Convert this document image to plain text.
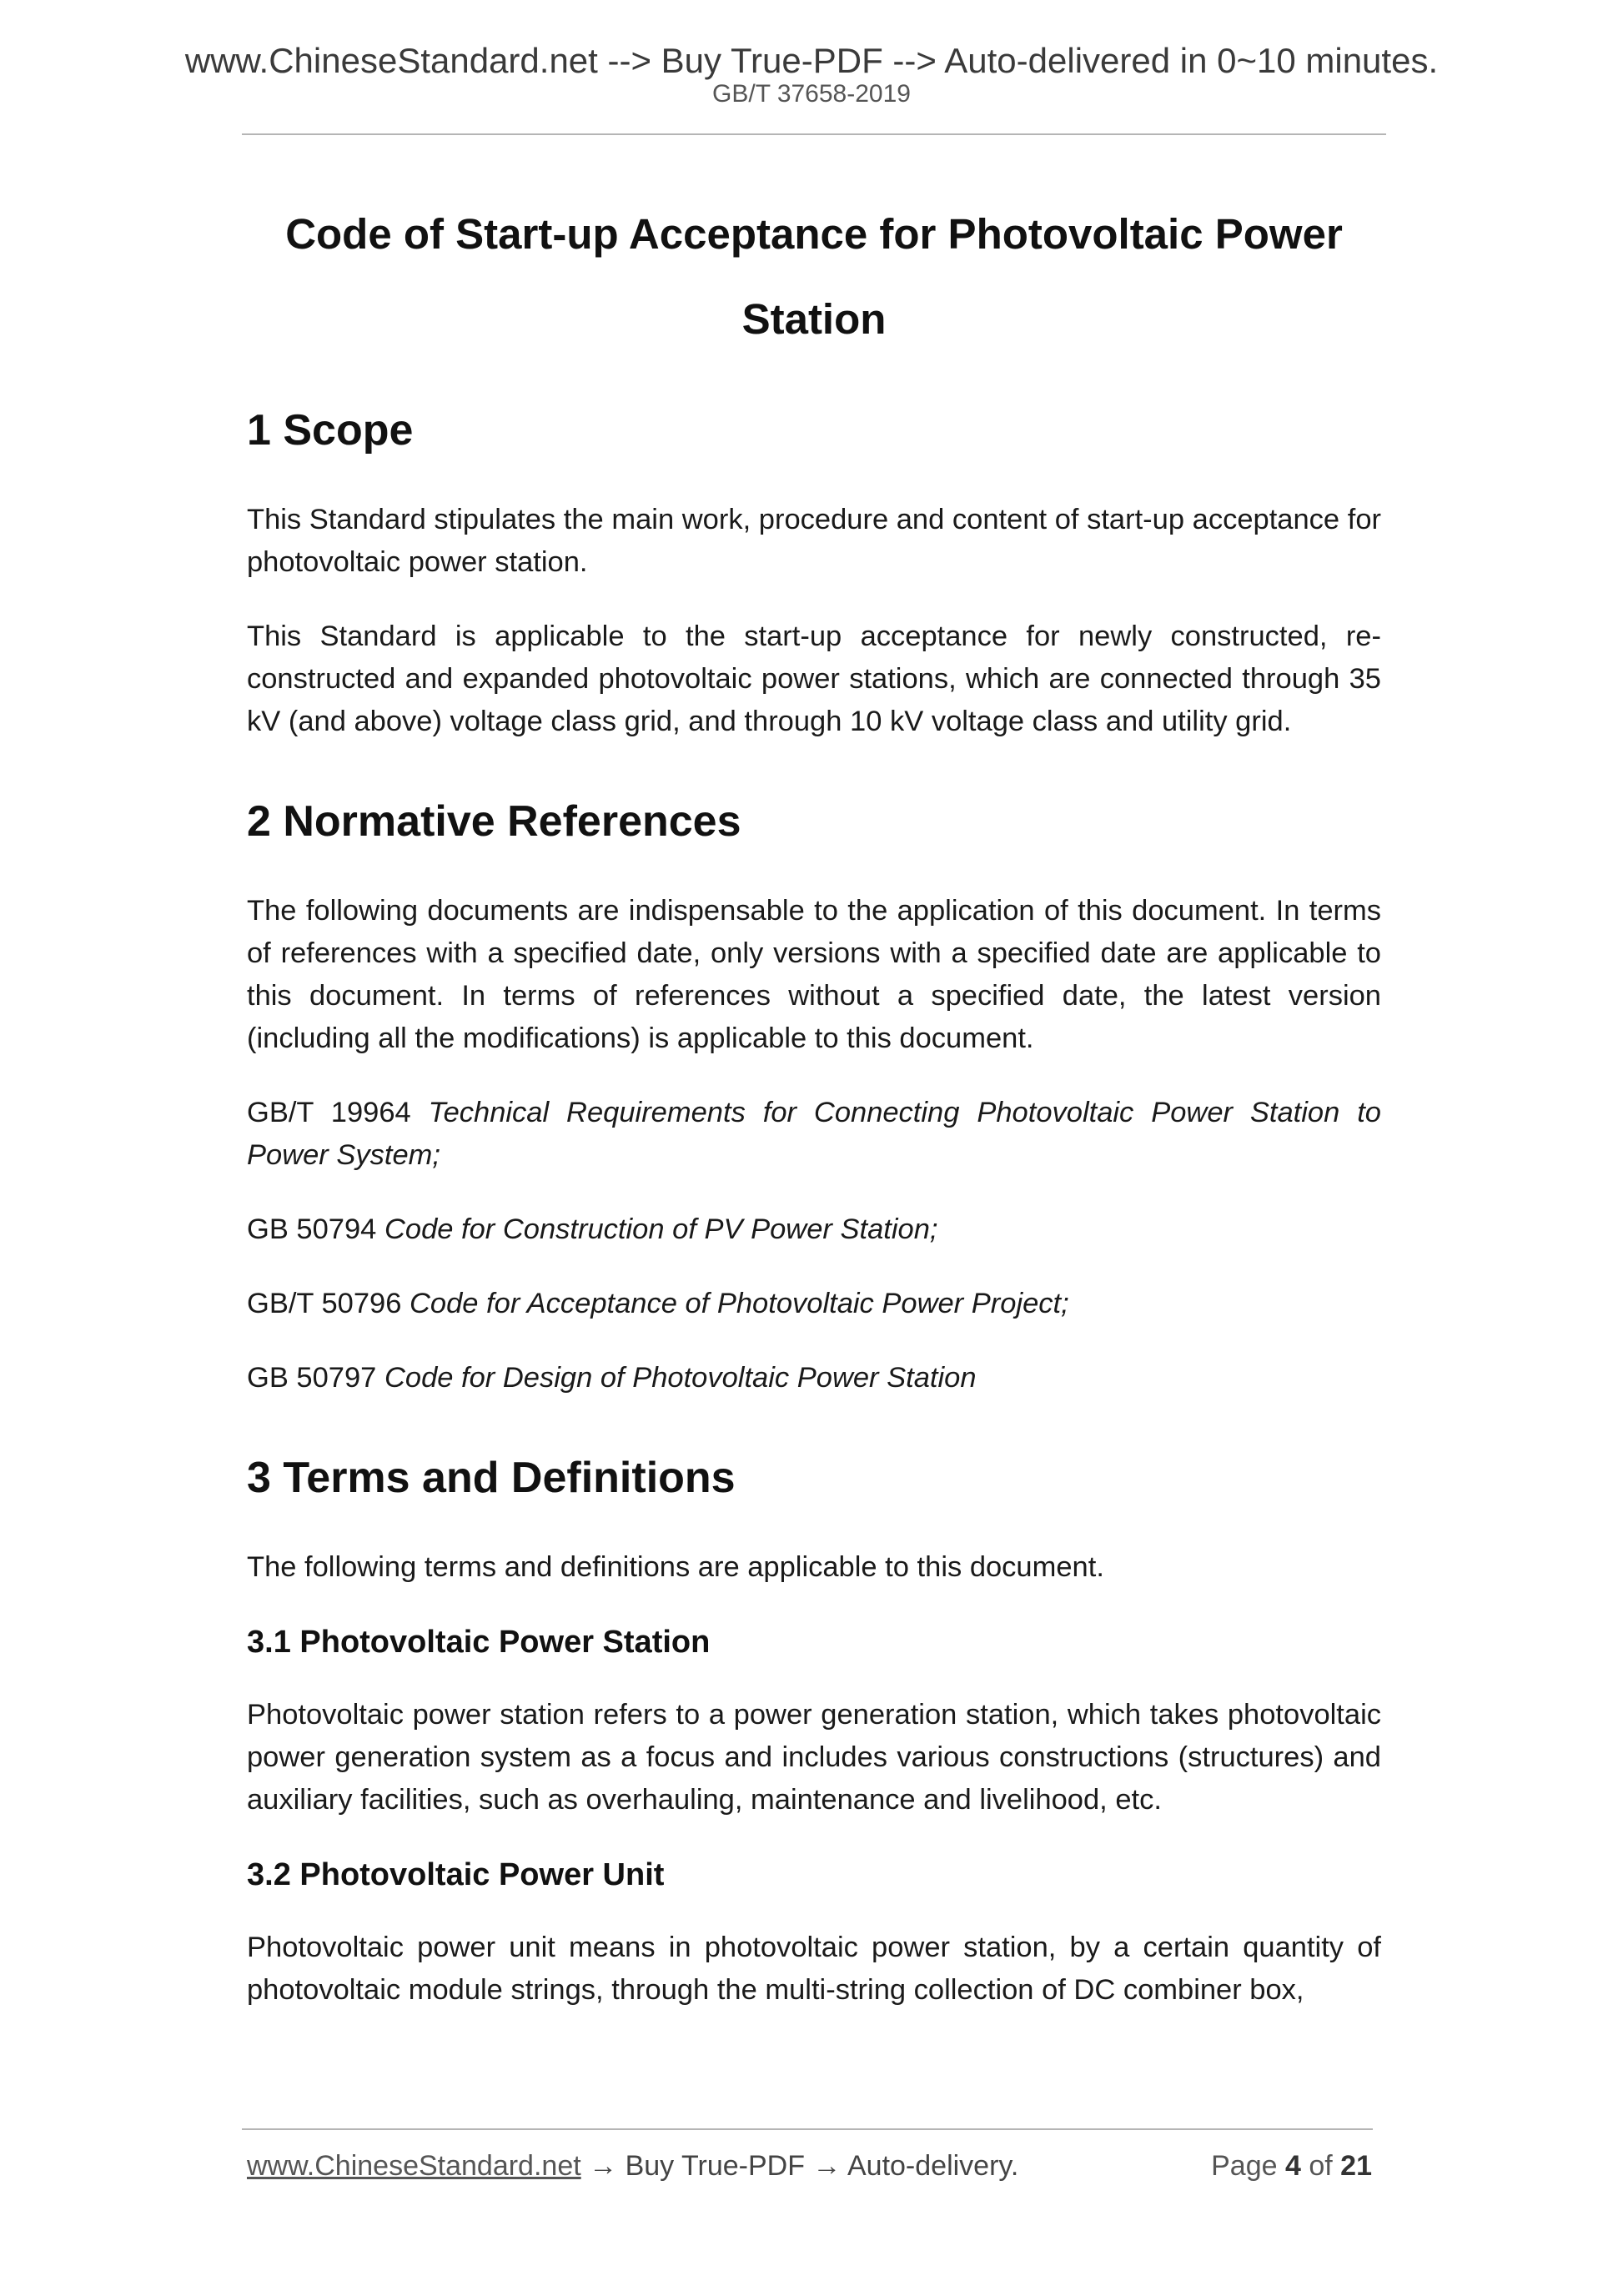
www.ChineseStandard.net --> Buy True-PDF --> Auto-delivered in 0~10 minutes.
GB/T 37658-2019
Code of Start-up Acceptance for Photovoltaic Power
Station
1 Scope

This Standard stipulates the main work, procedure and content of start-up acceptance for photovoltaic power station.

This Standard is applicable to the start-up acceptance for newly constructed, re-constructed and expanded photovoltaic power stations, which are connected through 35 kV (and above) voltage class grid, and through 10 kV voltage class and utility grid.

2 Normative References

The following documents are indispensable to the application of this document. In terms of references with a specified date, only versions with a specified date are applicable to this document. In terms of references without a specified date, the latest version (including all the modifications) is applicable to this document.

GB/T 19964 Technical Requirements for Connecting Photovoltaic Power Station to Power System;

GB 50794 Code for Construction of PV Power Station;

GB/T 50796 Code for Acceptance of Photovoltaic Power Project;

GB 50797 Code for Design of Photovoltaic Power Station

3 Terms and Definitions

The following terms and definitions are applicable to this document.

3.1 Photovoltaic Power Station

Photovoltaic power station refers to a power generation station, which takes photovoltaic power generation system as a focus and includes various constructions (structures) and auxiliary facilities, such as overhauling, maintenance and livelihood, etc.

3.2 Photovoltaic Power Unit

Photovoltaic power unit means in photovoltaic power station, by a certain quantity of photovoltaic module strings, through the multi-string collection of DC combiner box,

www.ChineseStandard.net → Buy True-PDF → Auto-delivery.	Page 4 of 21
